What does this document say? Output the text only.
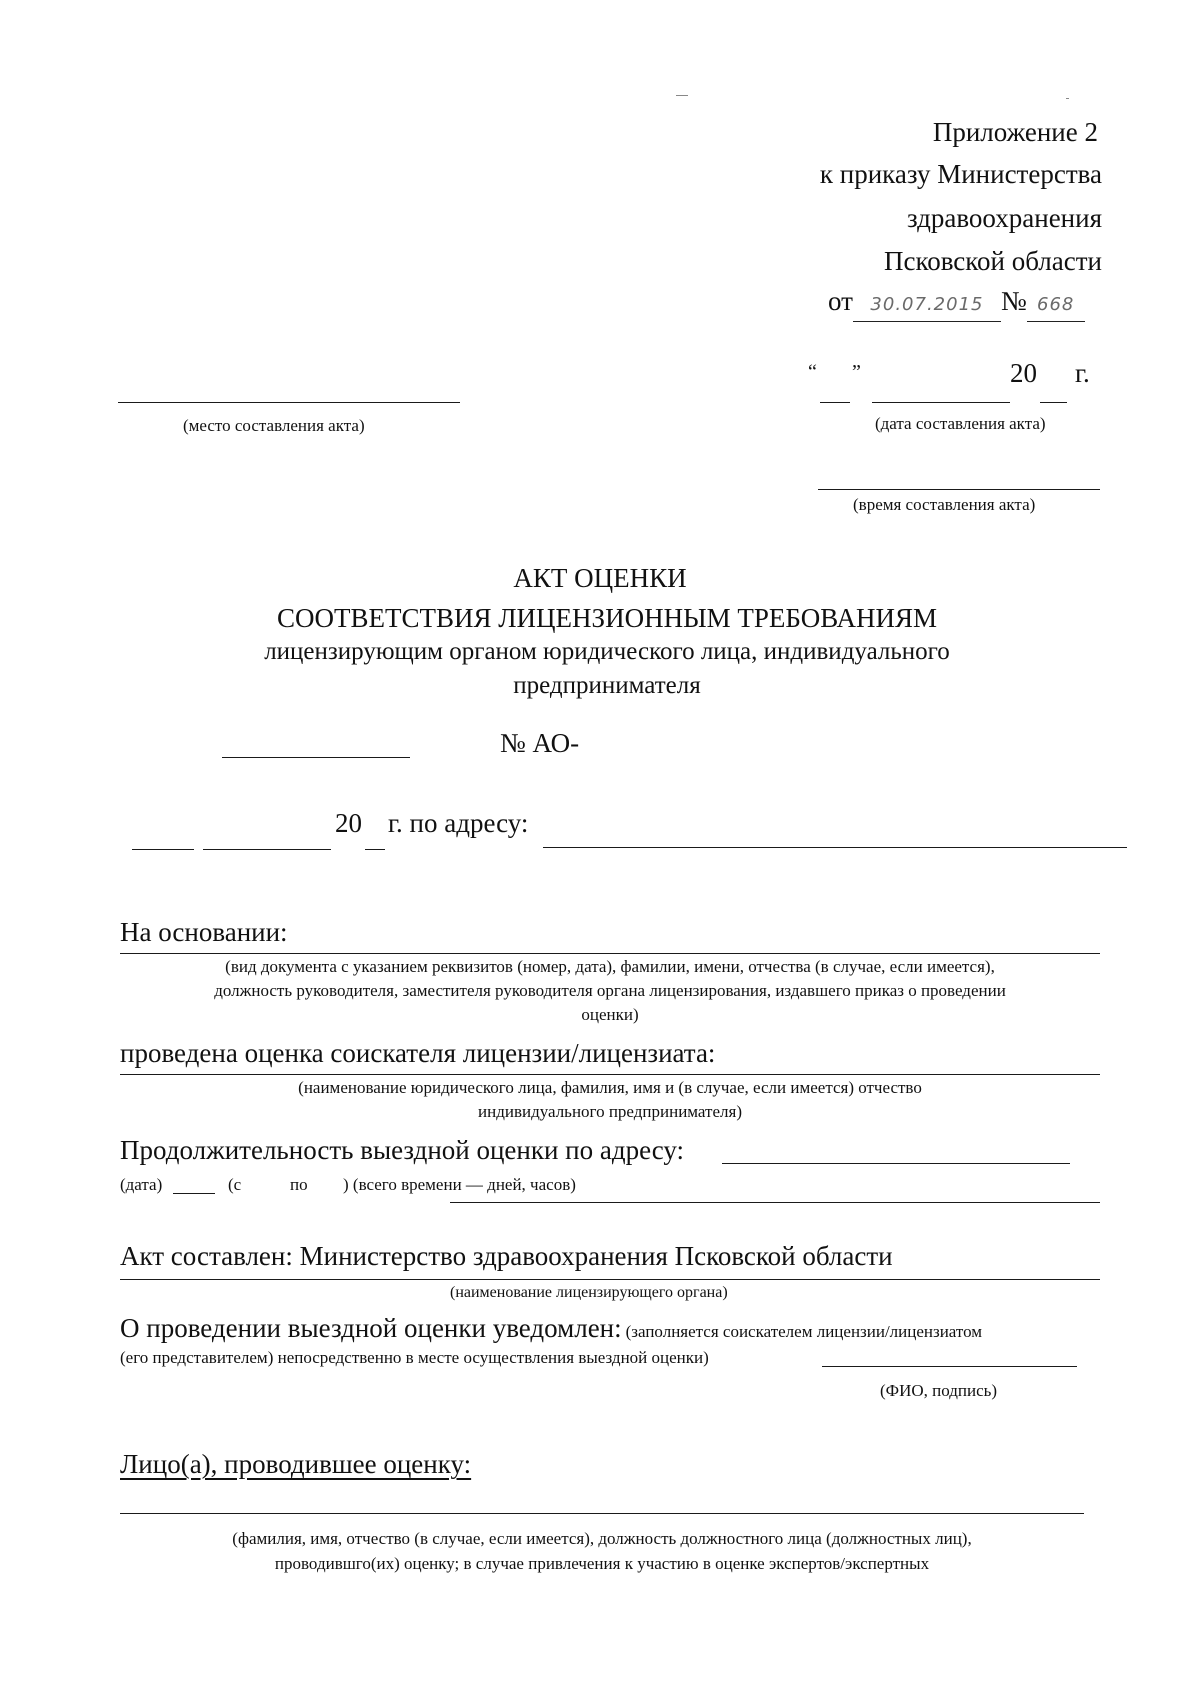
Приложение 2
к приказу Министерства
здравоохранения
Псковской области
от 30.07.2015 № 668
“ ”	20 г.
(место составления акта)	(дата составления акта)
(время составления акта)
АКТ ОЦЕНКИ
СООТВЕТСТВИЯ ЛИЦЕНЗИОННЫМ ТРЕБОВАНИЯМ
лицензирующим органом юридического лица, индивидуального
предпринимателя
№ АО-
20 г. по адресу:
На основании:
(вид документа с указанием реквизитов (номер, дата), фамилии, имени, отчества (в случае, если имеется),
должность руководителя, заместителя руководителя органа лицензирования, издавшего приказ о проведении
оценки)
проведена оценка соискателя лицензии/лицензиата:
(наименование юридического лица, фамилия, имя и (в случае, если имеется) отчество
индивидуального предпринимателя)
Продолжительность выездной оценки по адресу:
(дата)	(с	по ) (всего времени — дней, часов)
Акт составлен: Министерство здравоохранения Псковской области
(наименование лицензирующего органа)
О проведении выездной оценки уведомлен: (заполняется соискателем лицензии/лицензиатом
(его представителем) непосредственно в месте осуществления выездной оценки)
(ФИО, подпись)
Лицо(а), проводившее оценку:
(фамилия, имя, отчество (в случае, если имеется), должность должностного лица (должностных лиц),
проводившго(их) оценку; в случае привлечения к участию в оценке экспертов/экспертных
